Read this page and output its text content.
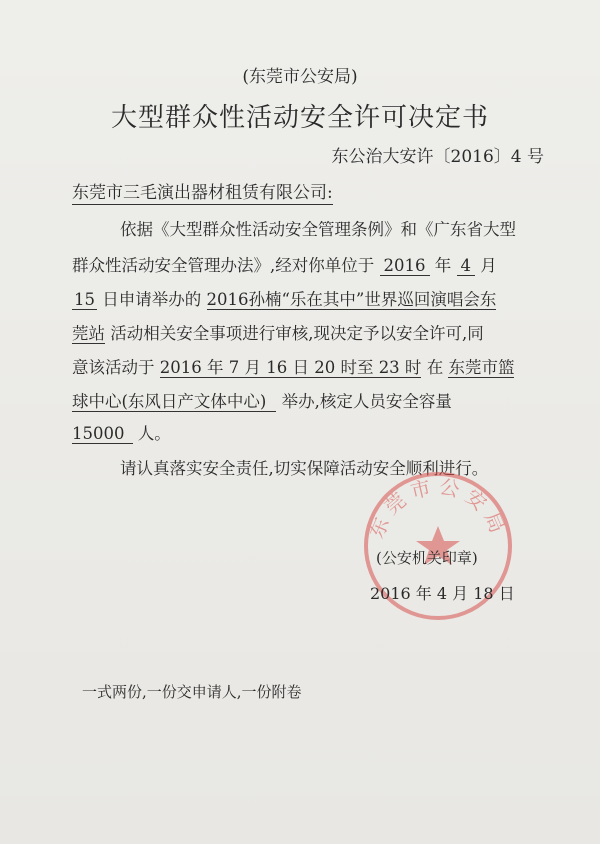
(东莞市公安局)
大型群众性活动安全许可决定书
东公治大安许〔2016〕4 号
东莞市三毛演出器材租赁有限公司:
依据《大型群众性活动安全管理条例》和《广东省大型
群众性活动安全管理办法》,经对你单位于 2016 年 4 月
15 日申请举办的 2016孙楠“乐在其中”世界巡回演唱会东
莞站 活动相关安全事项进行审核,现决定予以安全许可,同
意该活动于 2016 年 7 月 16 日 20 时至 23 时 在 东莞市篮
球中心(东风日产文体中心) 举办,核定人员安全容量
15000 人。
请认真落实安全责任,切实保障活动安全顺利进行。
东莞市公安局
(公安机关印章)
2016 年 4 月 18 日
一式两份,一份交申请人,一份附卷
